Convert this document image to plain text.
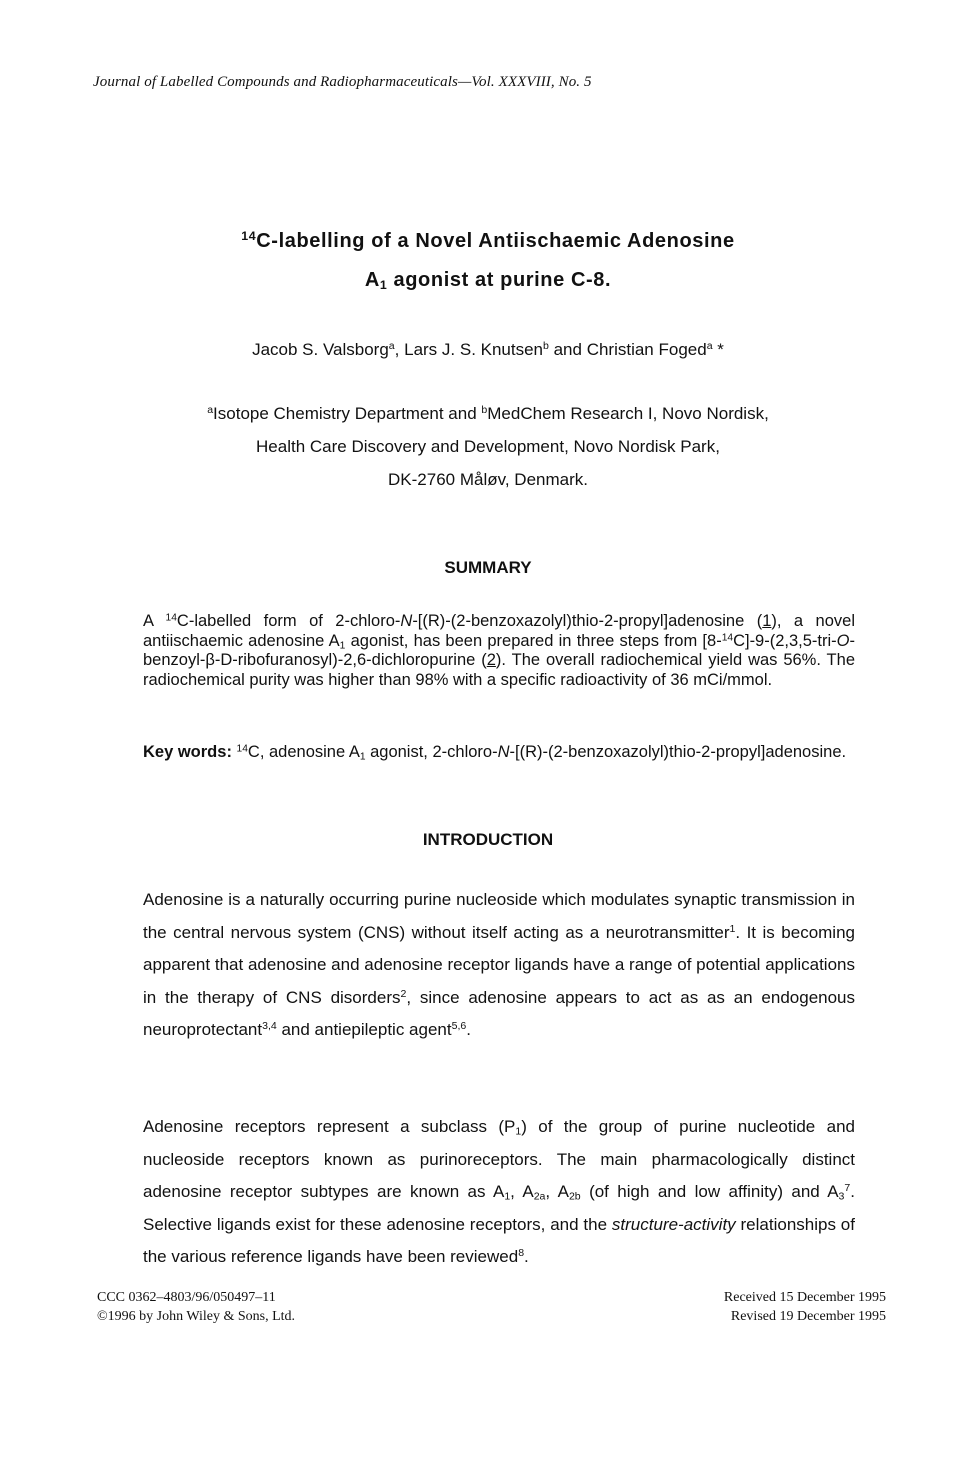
Journal of Labelled Compounds and Radiopharmaceuticals—Vol. XXXVIII, No. 5
$^{14}$C-labelling of a Novel Antiischaemic Adenosine
$A_1$ agonist at purine C-8.
Jacob S. Valsborg$^a$, Lars J. S. Knutsen$^b$ and Christian Foged$^a$ *
$^a$Isotope Chemistry Department and $^b$MedChem Research I, Novo Nordisk,
Health Care Discovery and Development, Novo Nordisk Park,
DK-2760 Måløv, Denmark.
SUMMARY
A $^{14}$C-labelled form of 2-chloro-N-[(R)-(2-benzoxazolyl)thio-2-propyl]adenosine (1), a novel antiischaemic adenosine $A_1$ agonist, has been prepared in three steps from [8-$^{14}$C]-9-(2,3,5-tri-O-benzoyl-β-D-ribofuranosyl)-2,6-dichloropurine (2). The overall radiochemical yield was 56%. The radiochemical purity was higher than 98% with a specific radioactivity of 36 mCi/mmol.
Key words: $^{14}$C, adenosine $A_1$ agonist, 2-chloro-N-[(R)-(2-benzoxazolyl)thio-2-propyl]adenosine.
INTRODUCTION
Adenosine is a naturally occurring purine nucleoside which modulates synaptic transmission in the central nervous system (CNS) without itself acting as a neurotransmitter$^1$. It is becoming apparent that adenosine and adenosine receptor ligands have a range of potential applications in the therapy of CNS disorders$^2$, since adenosine appears to act as as an endogenous neuroprotectant$^{3,4}$ and antiepileptic agent$^{5,6}$.
Adenosine receptors represent a subclass $(P_1)$ of the group of purine nucleotide and nucleoside receptors known as purinoreceptors. The main pharmacologically distinct adenosine receptor subtypes are known as $A_1$, $A_{2a}$, $A_{2b}$ (of high and low affinity) and $A_3^7$. Selective ligands exist for these adenosine receptors, and the structure-activity relationships of the various reference ligands have been reviewed$^8$.
CCC 0362–4803/96/050497–11
©1996 by John Wiley & Sons, Ltd.
Received 15 December 1995
Revised 19 December 1995
